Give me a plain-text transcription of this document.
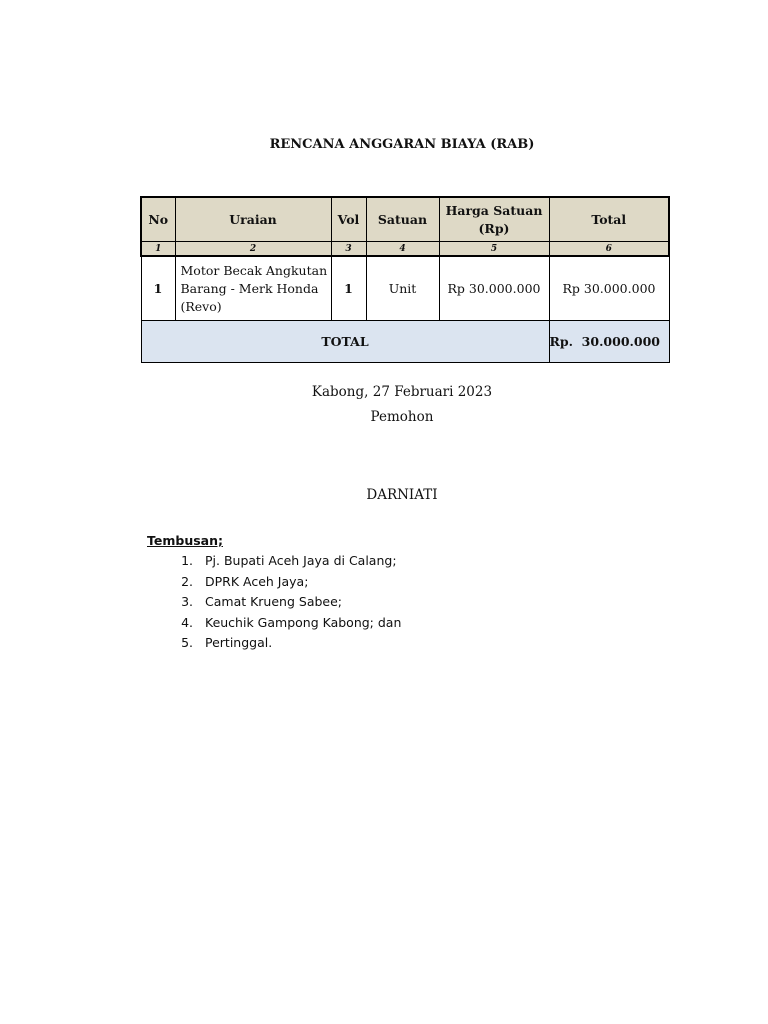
RENCANA ANGGARAN BIAYA (RAB)
No	Uraian	Vol	Satuan	Harga Satuan (Rp)	Total
1	2	3	4	5	6
1	Motor Becak Angkutan Barang - Merk Honda (Revo)	1	Unit	Rp 30.000.000	Rp 30.000.000
TOTAL					Rp.  30.000.000
Kabong, 27 Februari 2023
Pemohon
DARNIATI
Tembusan;
1. Pj. Bupati Aceh Jaya di Calang;
2. DPRK Aceh Jaya;
3. Camat Krueng Sabee;
4. Keuchik Gampong Kabong; dan
5. Pertinggal.
